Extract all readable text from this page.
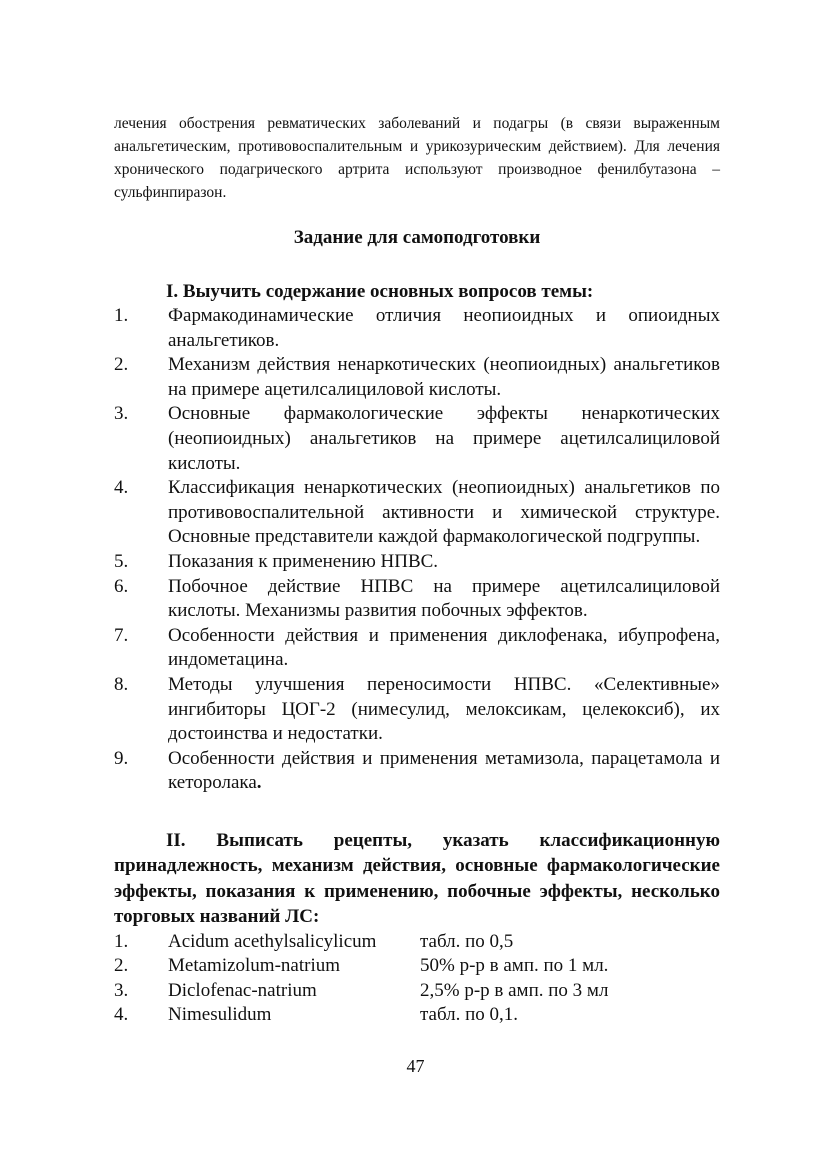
лечения обострения ревматических заболеваний и подагры (в связи выраженным анальгетическим, противовоспалительным и урикозурическим действием). Для лечения хронического подагрического артрита используют производное фенилбутазона – сульфинпиразон.

Задание для самоподготовки
I. Выучить содержание основных вопросов темы:
1. Фармакодинамические отличия неопиоидных и опиоидных анальгетиков.
2. Механизм действия ненаркотических (неопиоидных) анальгетиков на примере ацетилсалициловой кислоты.
3. Основные фармакологические эффекты ненаркотических (неопиоидных) анальгетиков на примере ацетилсалициловой кислоты.
4. Классификация ненаркотических (неопиоидных) анальгетиков по противовоспалительной активности и химической структуре. Основные представители каждой фармакологической подгруппы.
5. Показания к применению НПВС.
6. Побочное действие НПВС на примере ацетилсалициловой кислоты. Механизмы развития побочных эффектов.
7. Особенности действия и применения диклофенака, ибупрофена, индометацина.
8. Методы улучшения переносимости НПВС. «Селективные» ингибиторы ЦОГ-2 (нимесулид, мелоксикам, целекоксиб), их достоинства и недостатки.
9. Особенности действия и применения метамизола, парацетамола и кеторолака.
II. Выписать рецепты, указать классификационную принадлежность, механизм действия, основные фармакологические эффекты, показания к применению, побочные эффекты, несколько торговых названий ЛС:
1. Acidum acethylsalicylicum табл. по 0,5
2. Metamizolum-natrium	50% р-р в амп. по 1 мл.
3. Diclofenac-natrium	2,5% р-р в амп. по 3 мл
4. Nimesulidum	табл. по 0,1.
47
